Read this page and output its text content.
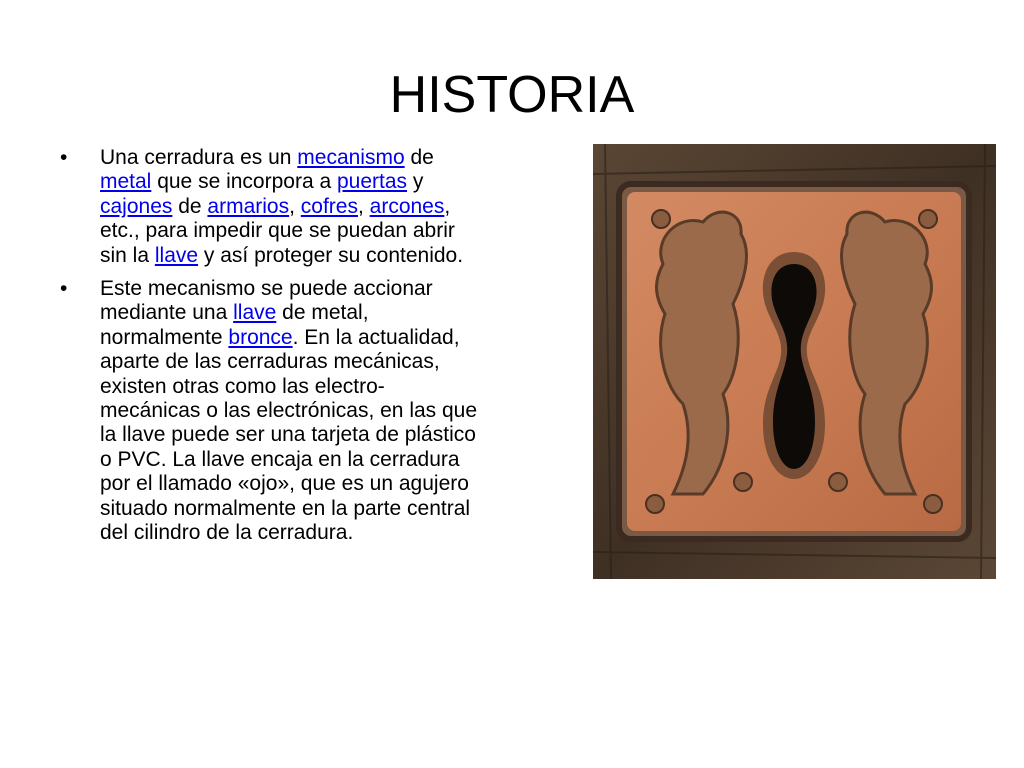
HISTORIA
• Una cerradura es un mecanismo de metal que se incorpora a puertas y cajones de armarios, cofres, arcones, etc., para impedir que se puedan abrir sin la llave y así proteger su contenido.
• Este mecanismo se puede accionar mediante una llave de metal, normalmente bronce. En la actualidad, aparte de las cerraduras mecánicas, existen otras como las electro-mecánicas o las electrónicas, en las que la llave puede ser una tarjeta de plástico o PVC. La llave encaja en la cerradura por el llamado «ojo», que es un agujero situado normalmente en la parte central del cilindro de la cerradura.
